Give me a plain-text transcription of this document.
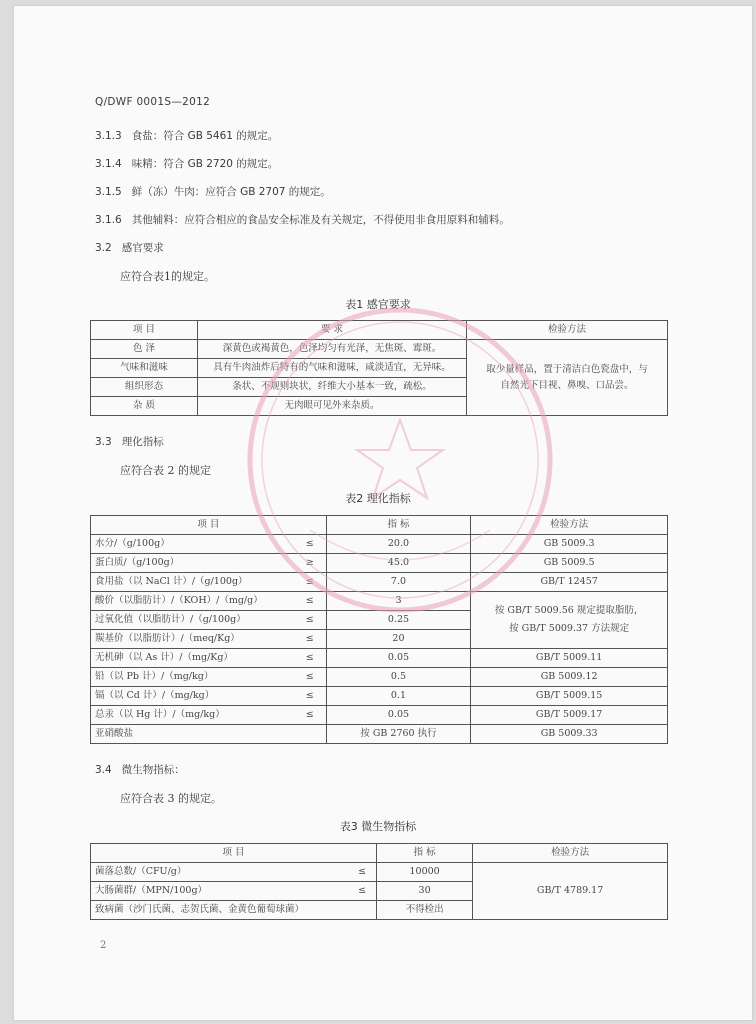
Q/DWF 0001S—2012
3.1.3 食盐：符合 GB 5461 的规定。
3.1.4 味精：符合 GB 2720 的规定。
3.1.5 鲜（冻）牛肉：应符合 GB 2707 的规定。
3.1.6 其他辅料：应符合相应的食品安全标准及有关规定，不得使用非食用原料和辅料。
3.2 感官要求
应符合表1的规定。
表1 感官要求
项 目	要 求	检验方法
色 泽	深黄色或褐黄色，色泽均匀有光泽，无焦斑、霉斑。	取少量样品，置于清洁白色瓷盘中，与
自然光下目视、鼻嗅、口品尝。

气味和滋味	具有牛肉油炸后特有的气味和滋味，咸淡适宜，无异味。	
组织形态	条状、不规则块状，纤维大小基本一致，疏松。	
杂 质	无肉眼可见外来杂质。	
3.3 理化指标
应符合表 2 的规定
表2 理化指标
项 目		指 标	检验方法
水分/（g/100g）	≤	20.0	GB 5009.3
蛋白质/（g/100g）	≥	45.0	GB 5009.5
食用盐（以 NaCl 计）/（g/100g）	≤	7.0	GB/T 12457
酸价（以脂肪计）/（KOH）/（mg/g）	≤	3	按 GB/T 5009.56 规定提取脂肪，
按 GB/T 5009.37 方法规定

过氧化值（以脂肪计）/（g/100g）	≤	0.25	
羰基价（以脂肪计）/（meq/Kg）	≤	20	
无机砷（以 As 计）/（mg/Kg）	≤	0.05	GB/T 5009.11
铅（以 Pb 计）/（mg/kg）	≤	0.5	GB 5009.12
镉（以 Cd 计）/（mg/kg）	≤	0.1	GB/T 5009.15
总汞（以 Hg 计）/（mg/kg）	≤	0.05	GB/T 5009.17
亚硝酸盐		按 GB 2760 执行	GB 5009.33
3.4 微生物指标：
应符合表 3 的规定。
表3 微生物指标
项 目		指 标	检验方法
菌落总数/（CFU/g）	≤	10000	GB/T 4789.17
大肠菌群/（MPN/100g）	≤	30	
致病菌（沙门氏菌、志贺氏菌、金黄色葡萄球菌）		不得检出	
2
